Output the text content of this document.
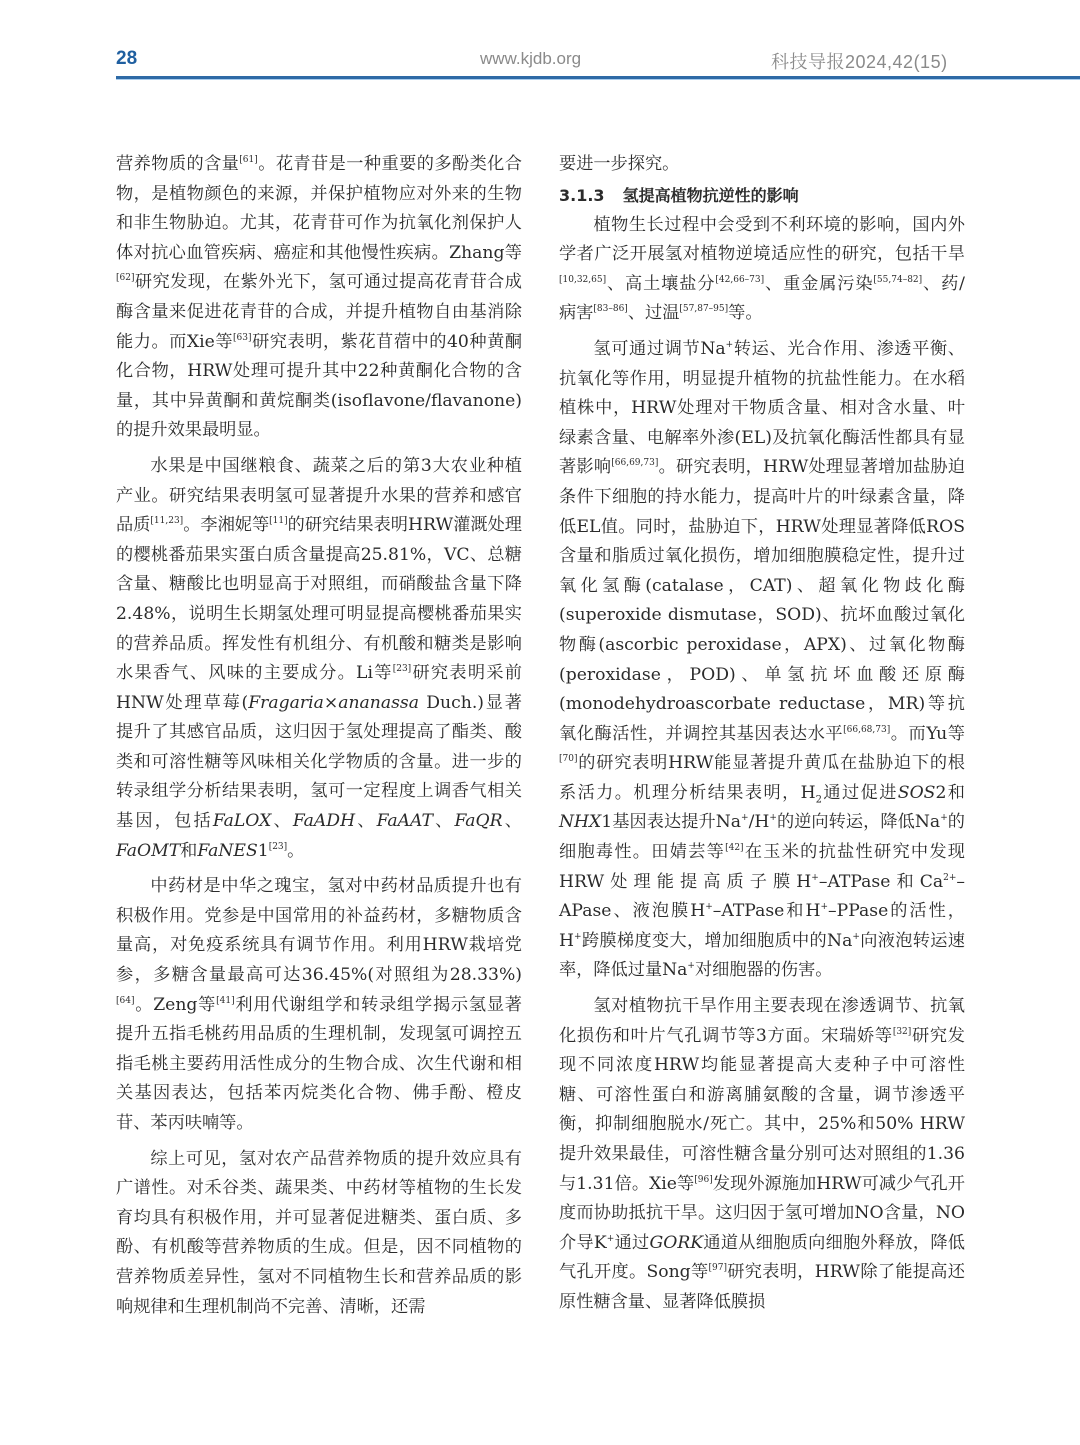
28	www.kjdb.org	科技导报2024,42(15)

营养物质的含量[61]。花青苷是一种重要的多酚类化合物，是植物颜色的来源，并保护植物应对外来的生物和非生物胁迫。尤其，花青苷可作为抗氧化剂保护人体对抗心血管疾病、癌症和其他慢性疾病。Zhang等[62]研究发现，在紫外光下，氢可通过提高花青苷合成酶含量来促进花青苷的合成，并提升植物自由基消除能力。而Xie等[63]研究表明，紫花苜蓿中的40种黄酮化合物，HRW处理可提升其中22种黄酮化合物的含量，其中异黄酮和黄烷酮类(isoflavone/flavanone)的提升效果最明显。

水果是中国继粮食、蔬菜之后的第3大农业种植产业。研究结果表明氢可显著提升水果的营养和感官品质[11,23]。李湘妮等[11]的研究结果表明HRW灌溉处理的樱桃番茄果实蛋白质含量提高25.81%，VC、总糖含量、糖酸比也明显高于对照组，而硝酸盐含量下降2.48%，说明生长期氢处理可明显提高樱桃番茄果实的营养品质。挥发性有机组分、有机酸和糖类是影响水果香气、风味的主要成分。Li等[23]研究表明采前HNW处理草莓(Fragaria×ananassa Duch.)显著提升了其感官品质，这归因于氢处理提高了酯类、酸类和可溶性糖等风味相关化学物质的含量。进一步的转录组学分析结果表明，氢可一定程度上调香气相关基因，包括FaLOX、FaADH、FaAAT、FaQR、FaOMT和FaNES1[23]。

中药材是中华之瑰宝，氢对中药材品质提升也有积极作用。党参是中国常用的补益药材，多糖物质含量高，对免疫系统具有调节作用。利用HRW栽培党参，多糖含量最高可达36.45%(对照组为28.33%)[64]。Zeng等[41]利用代谢组学和转录组学揭示氢显著提升五指毛桃药用品质的生理机制，发现氢可调控五指毛桃主要药用活性成分的生物合成、次生代谢和相关基因表达，包括苯丙烷类化合物、佛手酚、橙皮苷、苯丙呋喃等。

综上可见，氢对农产品营养物质的提升效应具有广谱性。对禾谷类、蔬果类、中药材等植物的生长发育均具有积极作用，并可显著促进糖类、蛋白质、多酚、有机酸等营养物质的生成。但是，因不同植物的营养物质差异性，氢对不同植物生长和营养品质的影响规律和生理机制尚不完善、清晰，还需

要进一步探究。

3.1.3 氢提高植物抗逆性的影响

植物生长过程中会受到不利环境的影响，国内外学者广泛开展氢对植物逆境适应性的研究，包括干旱[10,32,65]、高土壤盐分[42,66–73]、重金属污染[55,74–82]、药/病害[83–86]、过温[57,87–95]等。

氢可通过调节Na+转运、光合作用、渗透平衡、抗氧化等作用，明显提升植物的抗盐性能力。在水稻植株中，HRW处理对干物质含量、相对含水量、叶绿素含量、电解率外渗(EL)及抗氧化酶活性都具有显著影响[66,69,73]。研究表明，HRW处理显著增加盐胁迫条件下细胞的持水能力，提高叶片的叶绿素含量，降低EL值。同时，盐胁迫下，HRW处理显著降低ROS含量和脂质过氧化损伤，增加细胞膜稳定性，提升过氧化氢酶(catalase，CAT)、超氧化物歧化酶(superoxide dismutase，SOD)、抗坏血酸过氧化物酶(ascorbic peroxidase，APX)、过氧化物酶(peroxidase，POD)、单氢抗坏血酸还原酶(monodehydroascorbate reductase，MR)等抗氧化酶活性，并调控其基因表达水平[66,68,73]。而Yu等[70]的研究表明HRW能显著提升黄瓜在盐胁迫下的根系活力。机理分析结果表明，$H_2$通过促进SOS2和NHX1基因表达提升Na+/H+的逆向转运，降低Na+的细胞毒性。田婧芸等[42]在玉米的抗盐性研究中发现HRW处理能提高质子膜H+–ATPase和$Ca^{2+}$–APase、液泡膜H+–ATPase和H+–PPase的活性，H+跨膜梯度变大，增加细胞质中的Na+向液泡转运速率，降低过量Na+对细胞器的伤害。

氢对植物抗干旱作用主要表现在渗透调节、抗氧化损伤和叶片气孔调节等3方面。宋瑞娇等[32]研究发现不同浓度HRW均能显著提高大麦种子中可溶性糖、可溶性蛋白和游离脯氨酸的含量，调节渗透平衡，抑制细胞脱水/死亡。其中，25%和50% HRW提升效果最佳，可溶性糖含量分别可达对照组的1.36与1.31倍。Xie等[96]发现外源施加HRW可减少气孔开度而协助抵抗干旱。这归因于氢可增加NO含量，NO介导K+通过GORK通道从细胞质向细胞外释放，降低气孔开度。Song等[97]研究表明，HRW除了能提高还原性糖含量、显著降低膜损
